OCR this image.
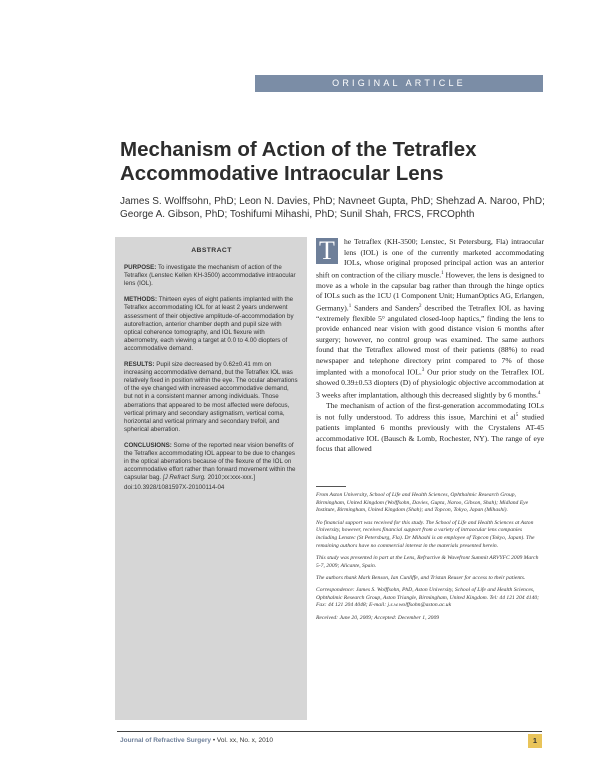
ORIGINAL ARTICLE
Mechanism of Action of the Tetraflex Accommodative Intraocular Lens
James S. Wolffsohn, PhD; Leon N. Davies, PhD; Navneet Gupta, PhD; Shehzad A. Naroo, PhD; George A. Gibson, PhD; Toshifumi Mihashi, PhD; Sunil Shah, FRCS, FRCOphth
ABSTRACT

PURPOSE: To investigate the mechanism of action of the Tetraflex (Lenstec Kellen KH-3500) accommodative intraocular lens (IOL).

METHODS: Thirteen eyes of eight patients implanted with the Tetraflex accommodating IOL for at least 2 years underwent assessment of their objective amplitude-of-accommodation by autorefraction, anterior chamber depth and pupil size with optical coherence tomography, and IOL flexure with aberrometry, each viewing a target at 0.0 to 4.00 diopters of accommodative demand.

RESULTS: Pupil size decreased by 0.62±0.41 mm on increasing accommodative demand, but the Tetraflex IOL was relatively fixed in position within the eye. The ocular aberrations of the eye changed with increased accommodative demand, but not in a consistent manner among individuals. Those aberrations that appeared to be most affected were defocus, vertical primary and secondary astigmatism, vertical coma, horizontal and vertical primary and secondary trefoil, and spherical aberration.

CONCLUSIONS: Some of the reported near vision benefits of the Tetraflex accommodating IOL appear to be due to changes in the optical aberrations because of the flexure of the IOL on accommodative effort rather than forward movement within the capsular bag. [J Refract Surg. 2010;xx:xxx-xxx.]

doi:10.3928/1081597X-20100114-04

T	he Tetraflex (KH-3500; Lenstec, St Petersburg, Fla) intraocular lens (IOL) is one of the currently marketed accommodating IOLs, whose original proposed principal action was an anterior shift on contraction of the ciliary muscle.$^1$ However, the lens is designed to move as a whole in the capsular bag rather than through the hinge optics of IOLs such as the 1CU (1 Component Unit; HumanOptics AG, Erlangen, Germany).$^1$ Sanders and Sanders$^2$ described the Tetraflex IOL as having “extremely flexible 5° angulated closed-loop haptics,” finding the lens to provide enhanced near vision with good distance vision 6 months after surgery; however, no control group was examined. The same authors found that the Tetraflex allowed most of their patients (88%) to read newspaper and telephone directory print compared to 7% of those implanted with a monofocal IOL.$^3$ Our prior study on the Tetraflex IOL showed 0.39±0.53 diopters (D) of physiologic objective accommodation at 3 weeks after implantation, although this decreased slightly by 6 months.$^4$

The mechanism of action of the first-generation accommodating IOLs is not fully understood. To address this issue, Marchini et $al^5$ studied patients implanted 6 months previously with the Crystalens AT-45 accommodative IOL (Bausch & Lomb, Rochester, NY). The range of eye focus that allowed

From Aston University, School of Life and Health Sciences, Ophthalmic Research Group, Birmingham, United Kingdom (Wolffsohn, Davies, Gupta, Naroo, Gibson, Shah); Midland Eye Institute, Birmingham, United Kingdom (Shah); and Topcon, Tokyo, Japan (Mihashi).

No financial support was received for this study. The School of Life and Health Sciences at Aston University, however, receives financial support from a variety of intraocular lens companies including Lenstec (St Petersburg, Fla). Dr Mihashi is an employee of Topcon (Tokyo, Japan). The remaining authors have no commercial interest in the materials presented herein.

This study was presented in part at the Lens, Refractive & Wavefront Summit ARVYFC 2009 March 5-7, 2009; Alicante, Spain.

The authors thank Mark Benson, Ian Cunliffe, and Tristan Reuser for access to their patients.

Correspondence: James S. Wolffsohn, PhD, Aston University, School of Life and Health Sciences, Ophthalmic Research Group, Aston Triangle, Birmingham, United Kingdom. Tel: 44 121 204 4140; Fax: 44 121 204 4048; E-mail: j.s.w.wolffsohn@aston.ac.uk

Received: June 20, 2009; Accepted: December 1, 2009

Journal of Refractive Surgery • Vol. xx, No. x, 2010	1
